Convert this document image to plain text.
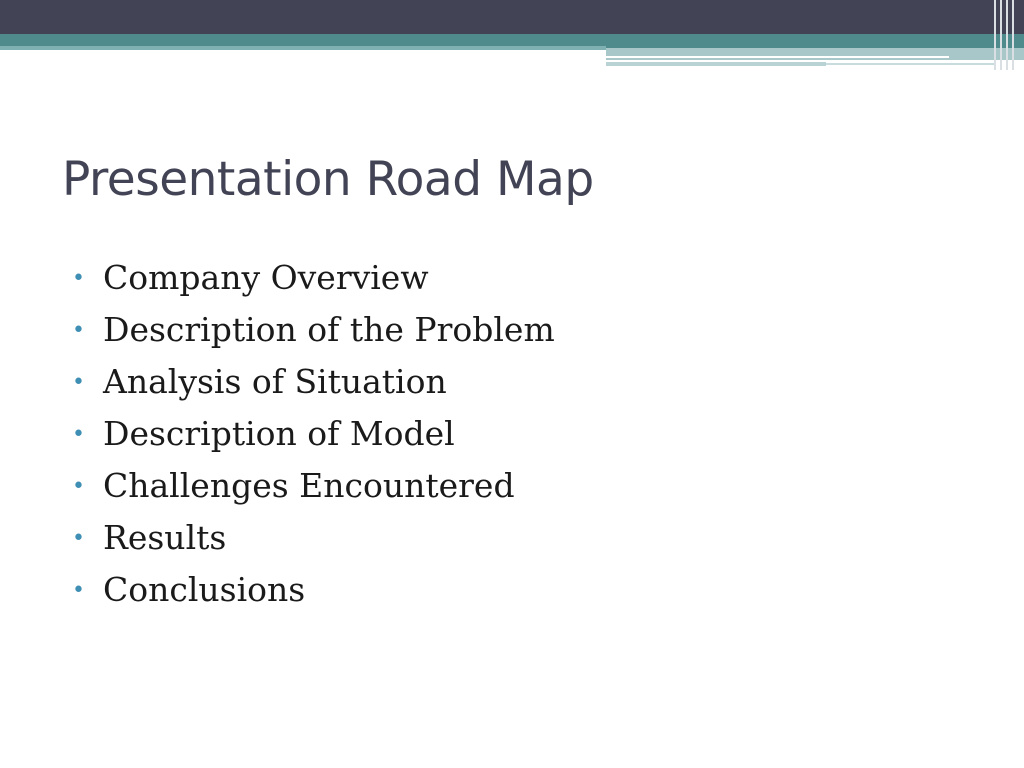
Presentation Road Map
• Company Overview
• Description of the Problem
• Analysis of Situation
• Description of Model
• Challenges Encountered
• Results
• Conclusions
